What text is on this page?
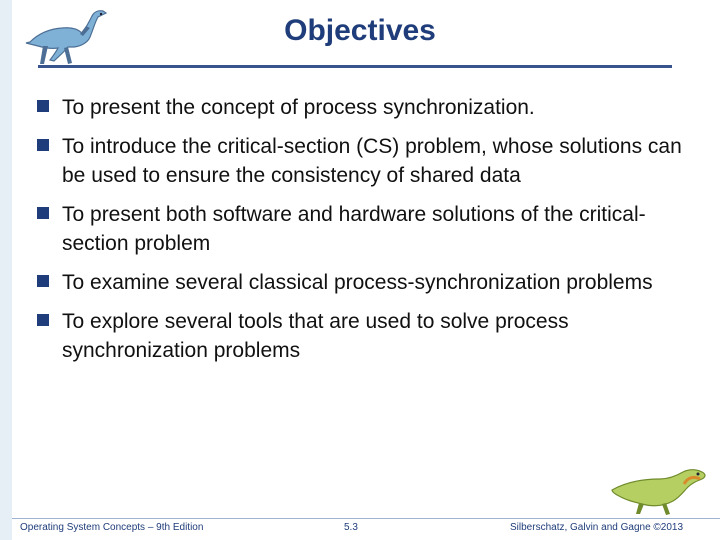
Objectives
To present the concept of process synchronization.
To introduce the critical-section (CS) problem, whose solutions can be used to ensure the consistency of shared data
To present both software and hardware solutions of the critical-section problem
To examine several classical process-synchronization problems
To explore several tools that are used to solve process synchronization problems
Operating System Concepts – 9th Edition	5.3	Silberschatz, Galvin and Gagne ©2013
